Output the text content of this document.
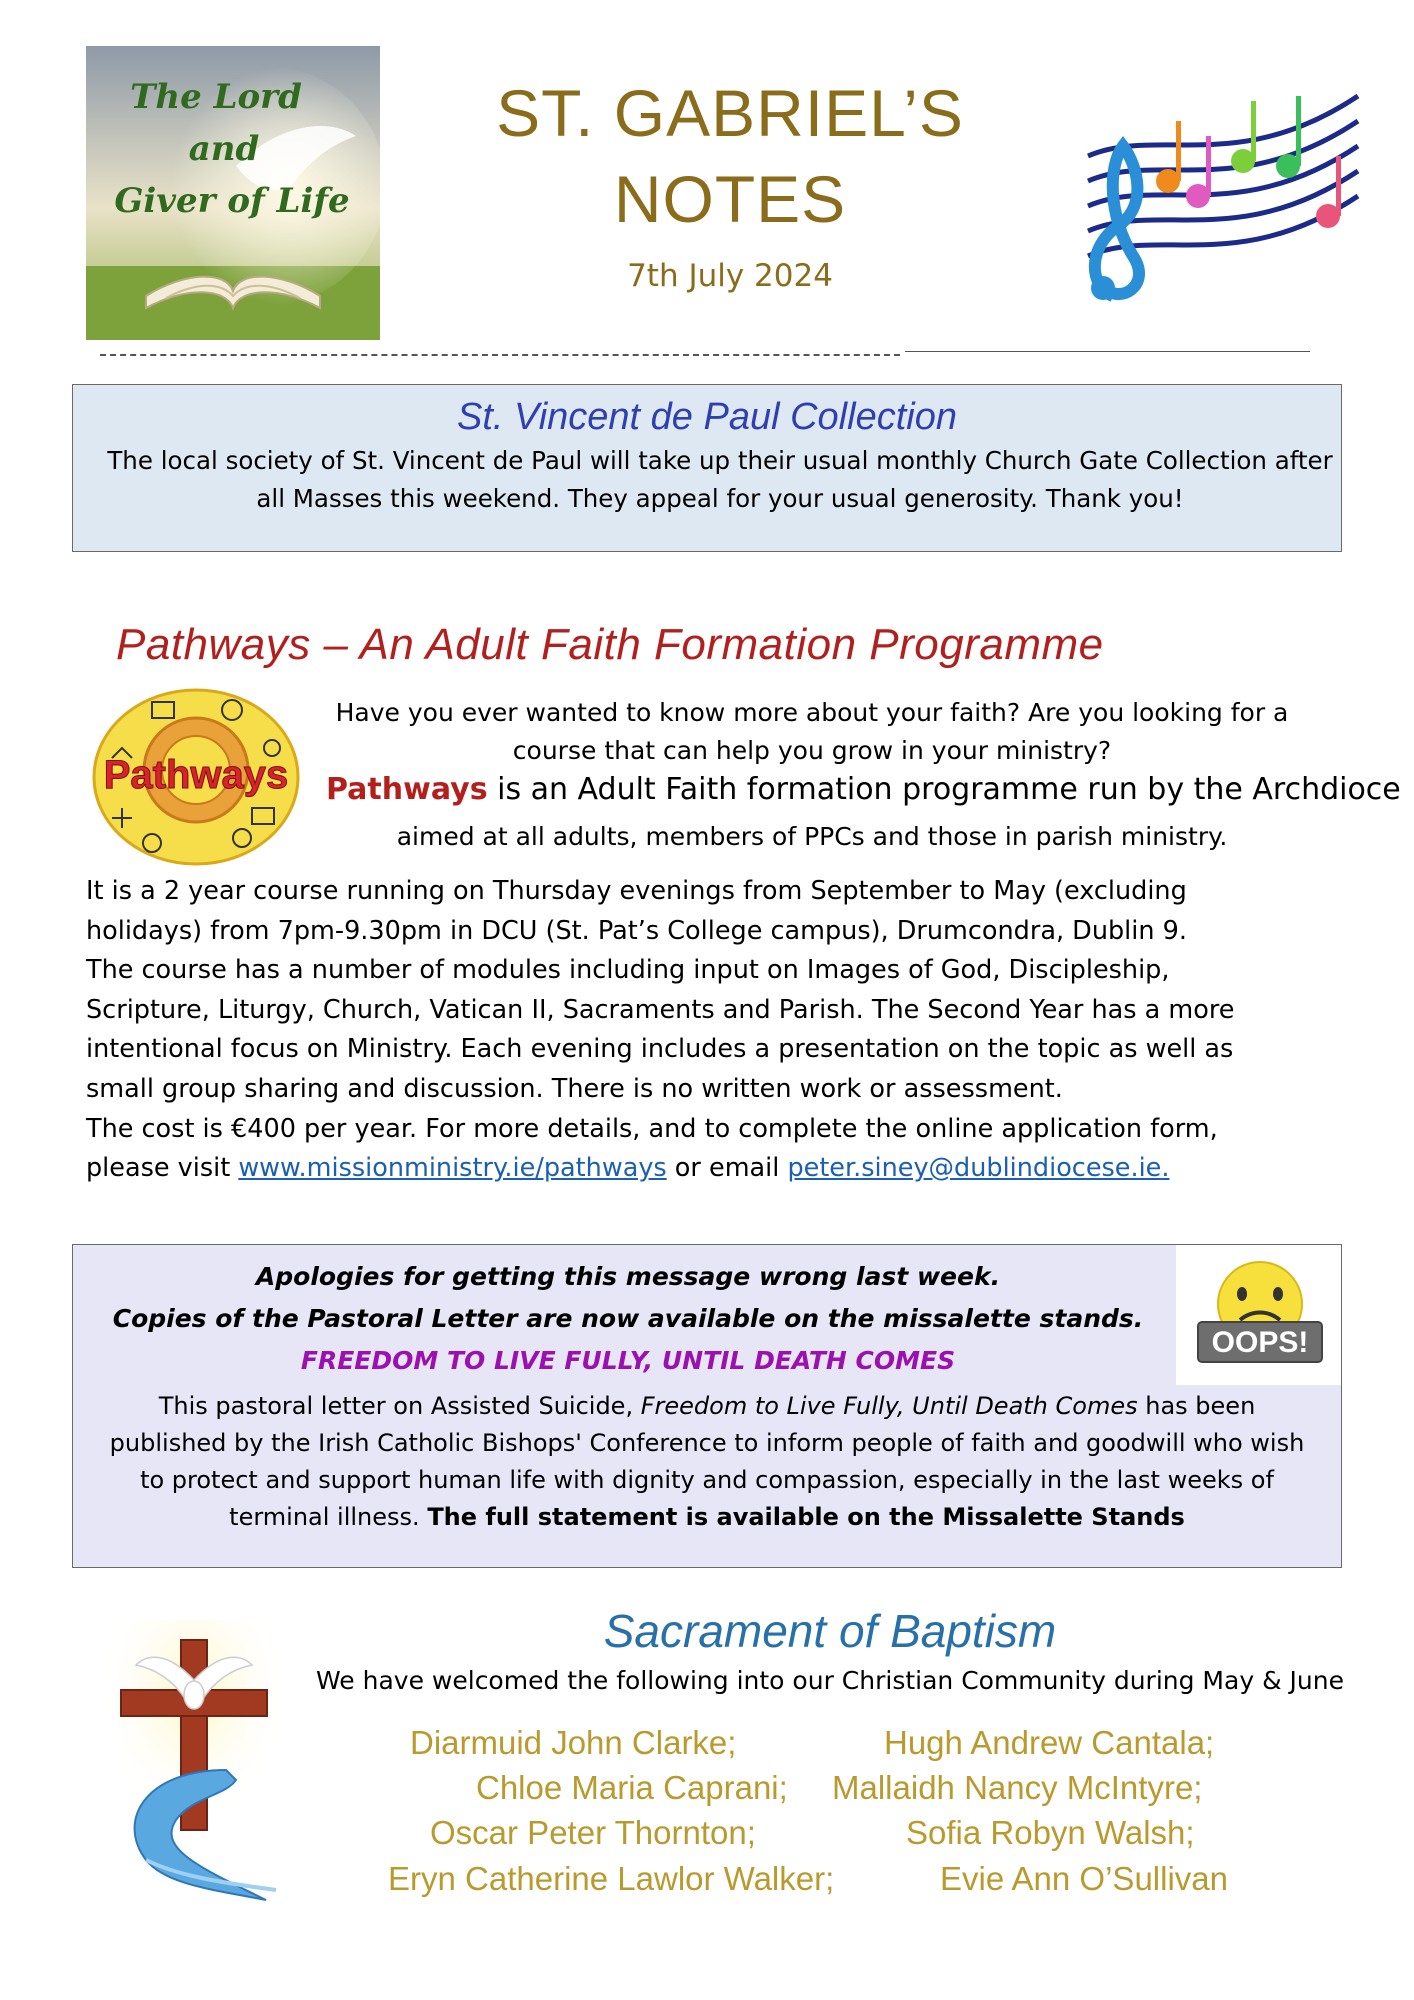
The Lord
and
Giver of Life
ST. GABRIEL’S
NOTES
7th July 2024
St. Vincent de Paul Collection
The local society of St. Vincent de Paul will take up their usual monthly Church Gate Collection after
all Masses this weekend. They appeal for your usual generosity. Thank you!
Pathways – An Adult Faith Formation Programme
Pathways
Have you ever wanted to know more about your faith? Are you looking for a
course that can help you grow in your ministry?
Pathways is an Adult Faith formation programme run by the Archdioce
aimed at all adults, members of PPCs and those in parish ministry.
It is a 2 year course running on Thursday evenings from September to May (excluding
holidays) from 7pm-9.30pm in DCU (St. Pat’s College campus), Drumcondra, Dublin 9.
The course has a number of modules including input on Images of God, Discipleship,
Scripture, Liturgy, Church, Vatican II, Sacraments and Parish. The Second Year has a more
intentional focus on Ministry. Each evening includes a presentation on the topic as well as
small group sharing and discussion. There is no written work or assessment.
The cost is €400 per year. For more details, and to complete the online application form,
please visit www.missionministry.ie/pathways or email peter.siney@dublindiocese.ie.
Apologies for getting this message wrong last week.
Copies of the Pastoral Letter are now available on the missalette stands.
FREEDOM TO LIVE FULLY, UNTIL DEATH COMES
OOPS!
This pastoral letter on Assisted Suicide, Freedom to Live Fully, Until Death Comes has been
published by the Irish Catholic Bishops' Conference to inform people of faith and goodwill who wish
to protect and support human life with dignity and compassion, especially in the last weeks of
terminal illness. The full statement is available on the Missalette Stands
Sacrament of Baptism
We have welcomed the following into our Christian Community during May & June
Diarmuid John Clarke;	Hugh Andrew Cantala;
Chloe Maria Caprani; Mallaidh Nancy McIntyre;
Oscar Peter Thornton;	Sofia Robyn Walsh;
Eryn Catherine Lawlor Walker;	Evie Ann O’Sullivan
